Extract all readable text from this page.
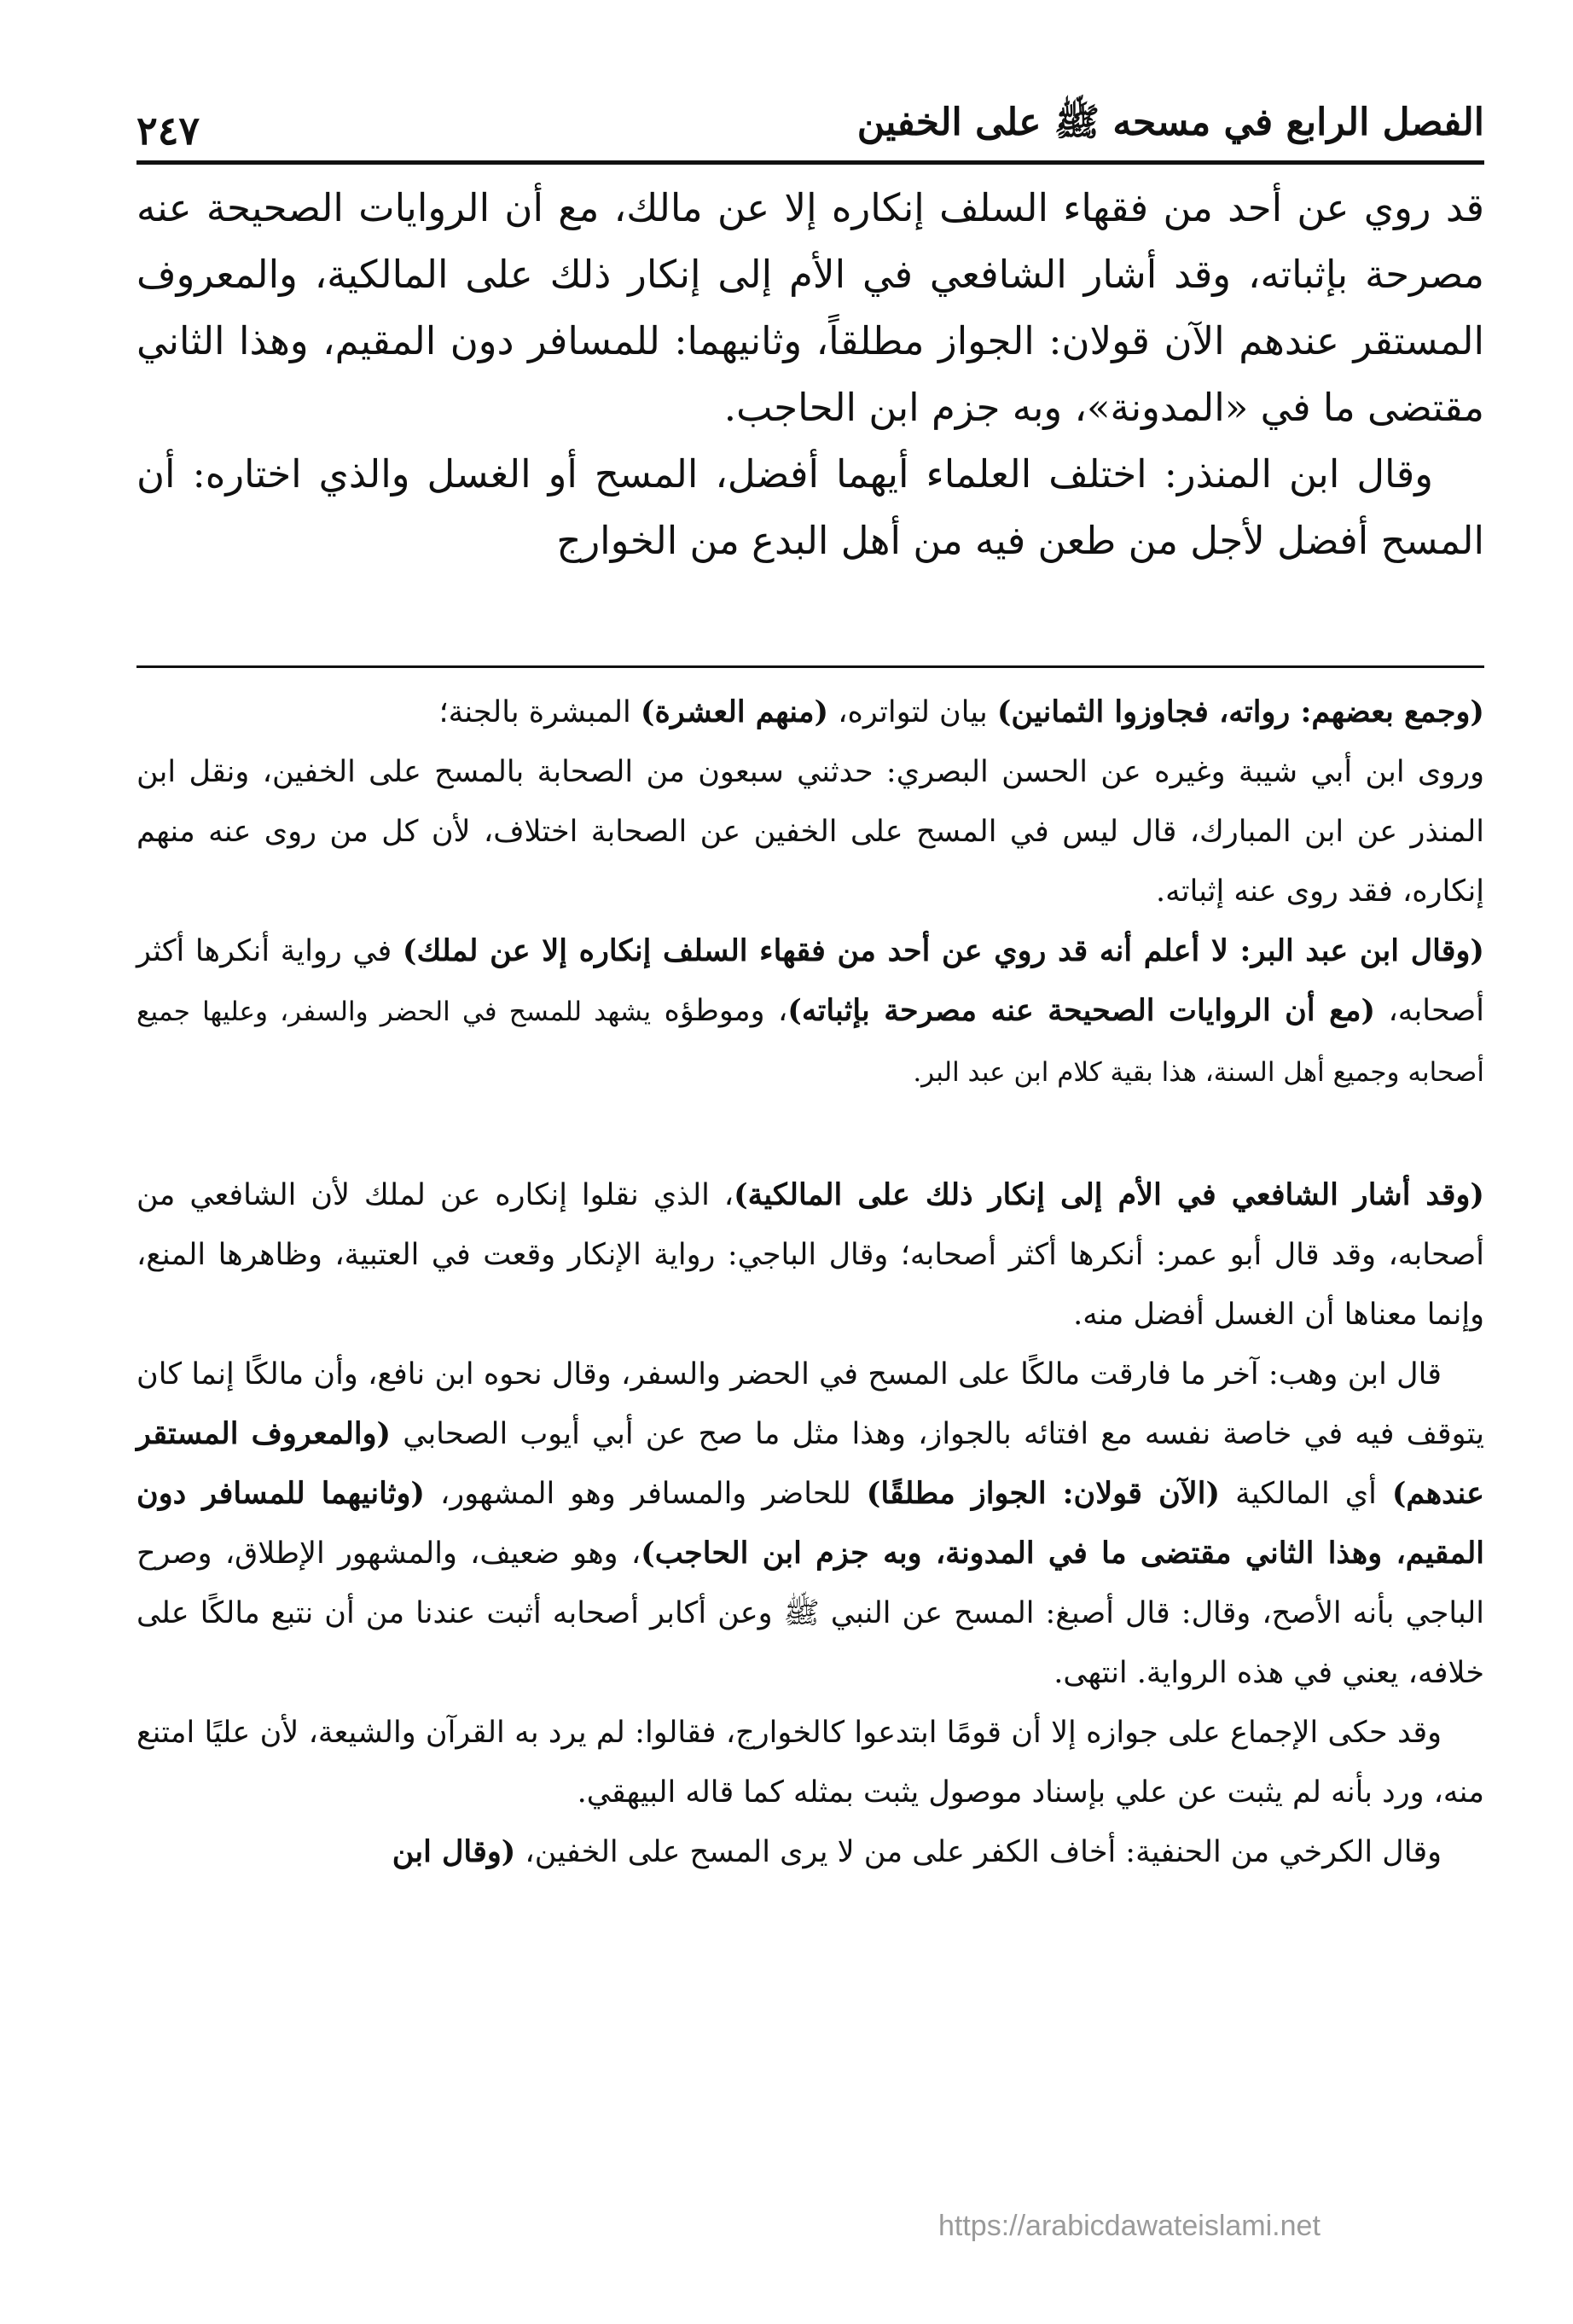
الفصل الرابع في مسحه ﷺ على الخفين
٢٤٧

قد روي عن أحد من فقهاء السلف إنكاره إلا عن مالك، مع أن الروايات الصحيحة عنه مصرحة بإثباته، وقد أشار الشافعي في الأم إلى إنكار ذلك على المالكية، والمعروف المستقر عندهم الآن قولان: الجواز مطلقاً، وثانيهما: للمسافر دون المقيم، وهذا الثاني مقتضى ما في «المدونة»، وبه جزم ابن الحاجب.

وقال ابن المنذر: اختلف العلماء أيهما أفضل، المسح أو الغسل والذي اختاره: أن المسح أفضل لأجل من طعن فيه من أهل البدع من الخوارج

(وجمع بعضهم: رواته، فجاوزوا الثمانين) بيان لتواتره، (منهم العشرة) المبشرة بالجنة؛

وروى ابن أبي شيبة وغيره عن الحسن البصري: حدثني سبعون من الصحابة بالمسح على الخفين، ونقل ابن المنذر عن ابن المبارك، قال ليس في المسح على الخفين عن الصحابة اختلاف، لأن كل من روى عنه منهم إنكاره، فقد روى عنه إثباته.

(وقال ابن عبد البر: لا أعلم أنه قد روي عن أحد من فقهاء السلف إنكاره إلا عن لملك) في رواية أنكرها أكثر أصحابه، (مع أن الروايات الصحيحة عنه مصرحة بإثباته)، وموطؤه يشهد للمسح في الحضر والسفر، وعليها جميع أصحابه وجميع أهل السنة، هذا بقية كلام ابن عبد البر.

(وقد أشار الشافعي في الأم إلى إنكار ذلك على المالكية)، الذي نقلوا إنكاره عن لملك لأن الشافعي من أصحابه، وقد قال أبو عمر: أنكرها أكثر أصحابه؛ وقال الباجي: رواية الإنكار وقعت في العتبية، وظاهرها المنع، وإنما معناها أن الغسل أفضل منه.

قال ابن وهب: آخر ما فارقت مالكًا على المسح في الحضر والسفر، وقال نحوه ابن نافع، وأن مالكًا إنما كان يتوقف فيه في خاصة نفسه مع افتائه بالجواز، وهذا مثل ما صح عن أبي أيوب الصحابي (والمعروف المستقر عندهم) أي المالكية (الآن قولان: الجواز مطلقًا) للحاضر والمسافر وهو المشهور، (وثانيهما للمسافر دون المقيم، وهذا الثاني مقتضى ما في المدونة، وبه جزم ابن الحاجب)، وهو ضعيف، والمشهور الإطلاق، وصرح الباجي بأنه الأصح، وقال: قال أصبغ: المسح عن النبي ﷺ وعن أكابر أصحابه أثبت عندنا من أن نتبع مالكًا على خلافه، يعني في هذه الرواية. انتهى.

وقد حكى الإجماع على جوازه إلا أن قومًا ابتدعوا كالخوارج، فقالوا: لم يرد به القرآن والشيعة، لأن عليًا امتنع منه، ورد بأنه لم يثبت عن علي بإسناد موصول يثبت بمثله كما قاله البيهقي.

وقال الكرخي من الحنفية: أخاف الكفر على من لا يرى المسح على الخفين، (وقال ابن

https://arabicdawateislami.net
